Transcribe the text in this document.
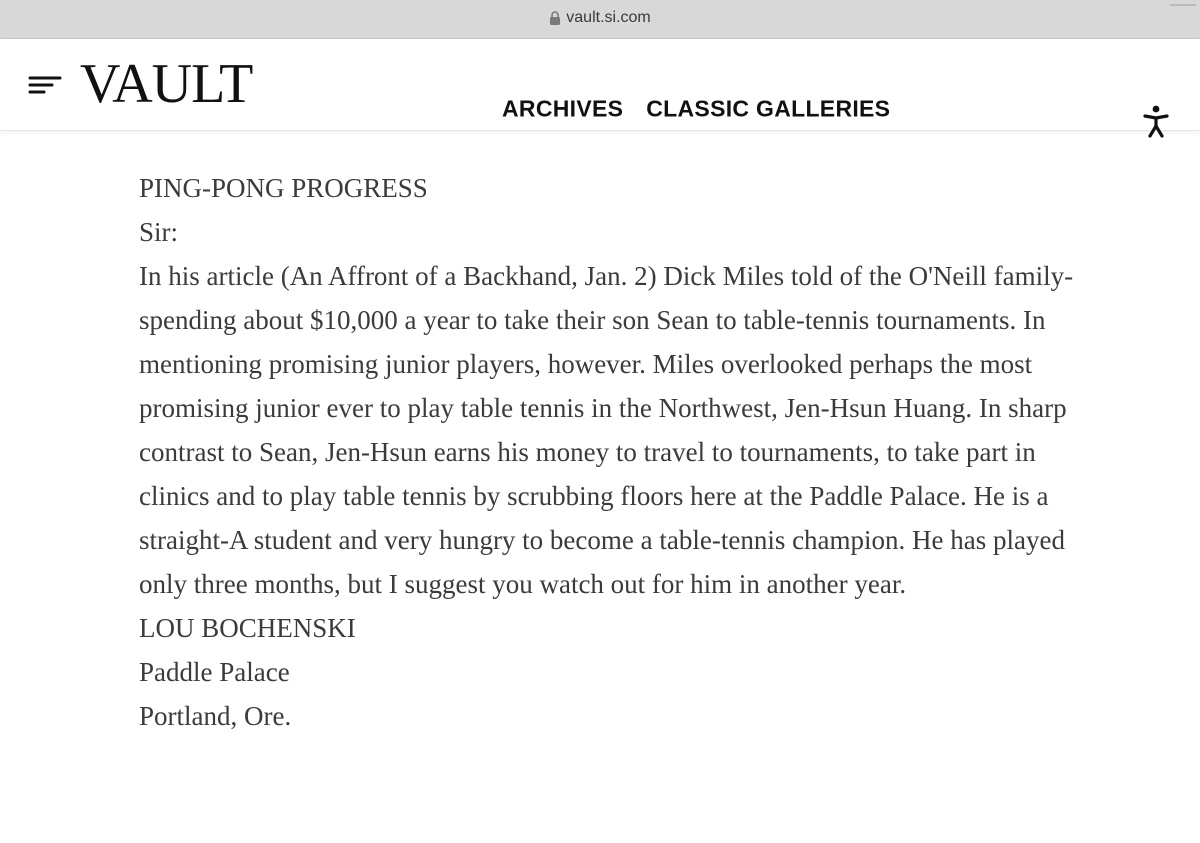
vault.si.com
VAULT	ARCHIVES CLASSIC GALLERIES

PING-PONG PROGRESS

Sir:

In his article (An Affront of a Backhand, Jan. 2) Dick Miles told of the O'Neill family-spending about $10,000 a year to take their son Sean to table-tennis tournaments. In mentioning promising junior players, however. Miles overlooked perhaps the most promising junior ever to play table tennis in the Northwest, Jen-Hsun Huang. In sharp contrast to Sean, Jen-Hsun earns his money to travel to tournaments, to take part in clinics and to play table tennis by scrubbing floors here at the Paddle Palace. He is a straight-A student and very hungry to become a table-tennis champion. He has played only three months, but I suggest you watch out for him in another year.

LOU BOCHENSKI

Paddle Palace

Portland, Ore.
